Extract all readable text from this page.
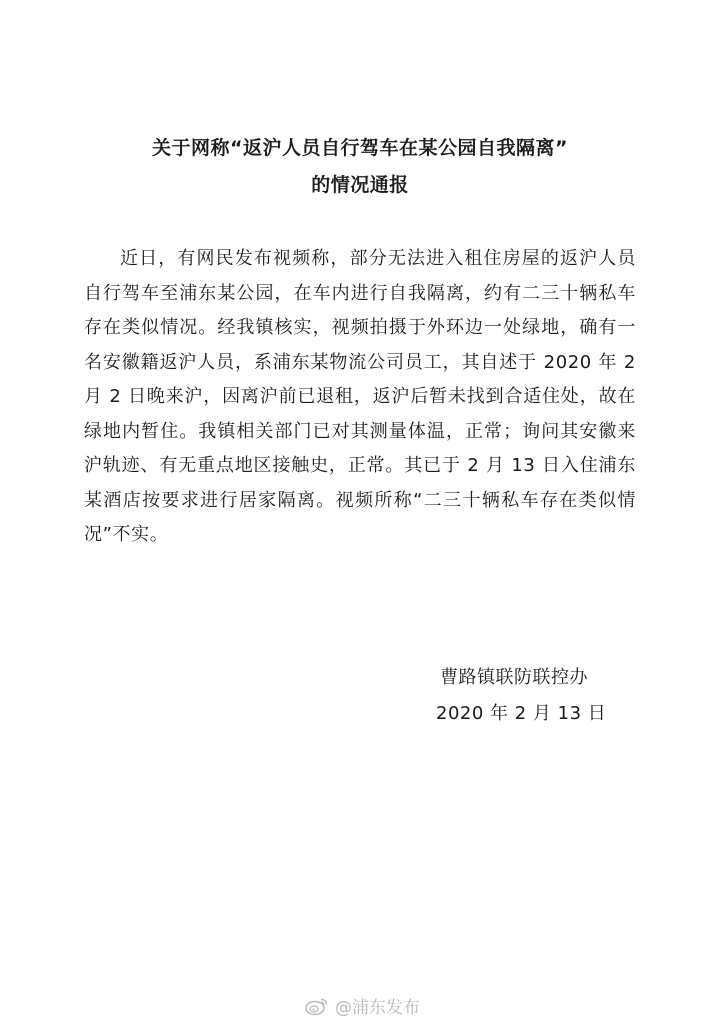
关于网称“返沪人员自行驾车在某公园自我隔离”
的情况通报

近日，有网民发布视频称，部分无法进入租住房屋的返沪人员自行驾车至浦东某公园，在车内进行自我隔离，约有二三十辆私车存在类似情况。经我镇核实，视频拍摄于外环边一处绿地，确有一名安徽籍返沪人员，系浦东某物流公司员工，其自述于 2020 年 2 月 2 日晚来沪，因离沪前已退租，返沪后暂未找到合适住处，故在绿地内暂住。我镇相关部门已对其测量体温，正常；询问其安徽来沪轨迹、有无重点地区接触史，正常。其已于 2 月 13 日入住浦东某酒店按要求进行居家隔离。视频所称“二三十辆私车存在类似情况”不实。

曹路镇联防联控办
2020 年 2 月 13 日
@浦东发布
